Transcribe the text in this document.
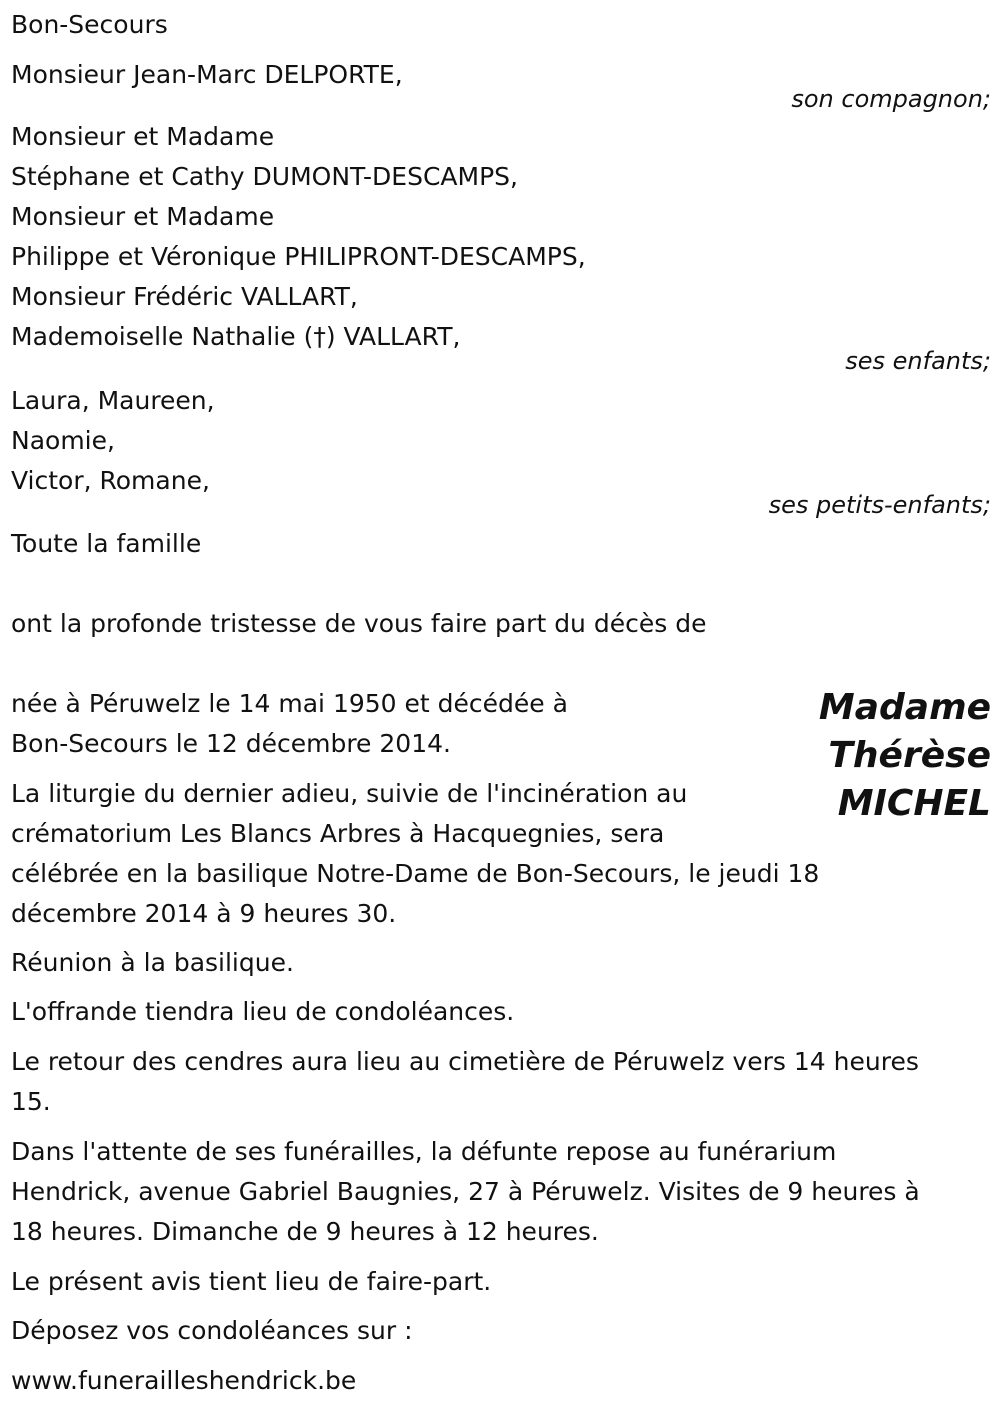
Bon-Secours
Monsieur Jean-Marc DELPORTE,
son compagnon;
Monsieur et Madame
Stéphane et Cathy DUMONT-DESCAMPS,
Monsieur et Madame
Philippe et Véronique PHILIPRONT-DESCAMPS,
Monsieur Frédéric VALLART,
Mademoiselle Nathalie (†) VALLART,
ses enfants;
Laura, Maureen,
Naomie,
Victor, Romane,
ses petits-enfants;
Toute la famille
ont la profonde tristesse de vous faire part du décès de
née à Péruwelz le 14 mai 1950 et décédée à
Bon-Secours le 12 décembre 2014.
La liturgie du dernier adieu, suivie de l'incinération au
crématorium Les Blancs Arbres à Hacquegnies, sera
célébrée en la basilique Notre-Dame de Bon-Secours, le jeudi 18
décembre 2014 à 9 heures 30.
Réunion à la basilique.
L'offrande tiendra lieu de condoléances.
Le retour des cendres aura lieu au cimetière de Péruwelz vers 14 heures
15.
Dans l'attente de ses funérailles, la défunte repose au funérarium
Hendrick, avenue Gabriel Baugnies, 27 à Péruwelz. Visites de 9 heures à
18 heures. Dimanche de 9 heures à 12 heures.
Le présent avis tient lieu de faire-part.
Déposez vos condoléances sur :
www.funerailleshendrick.be
Madame
Thérèse
MICHEL
